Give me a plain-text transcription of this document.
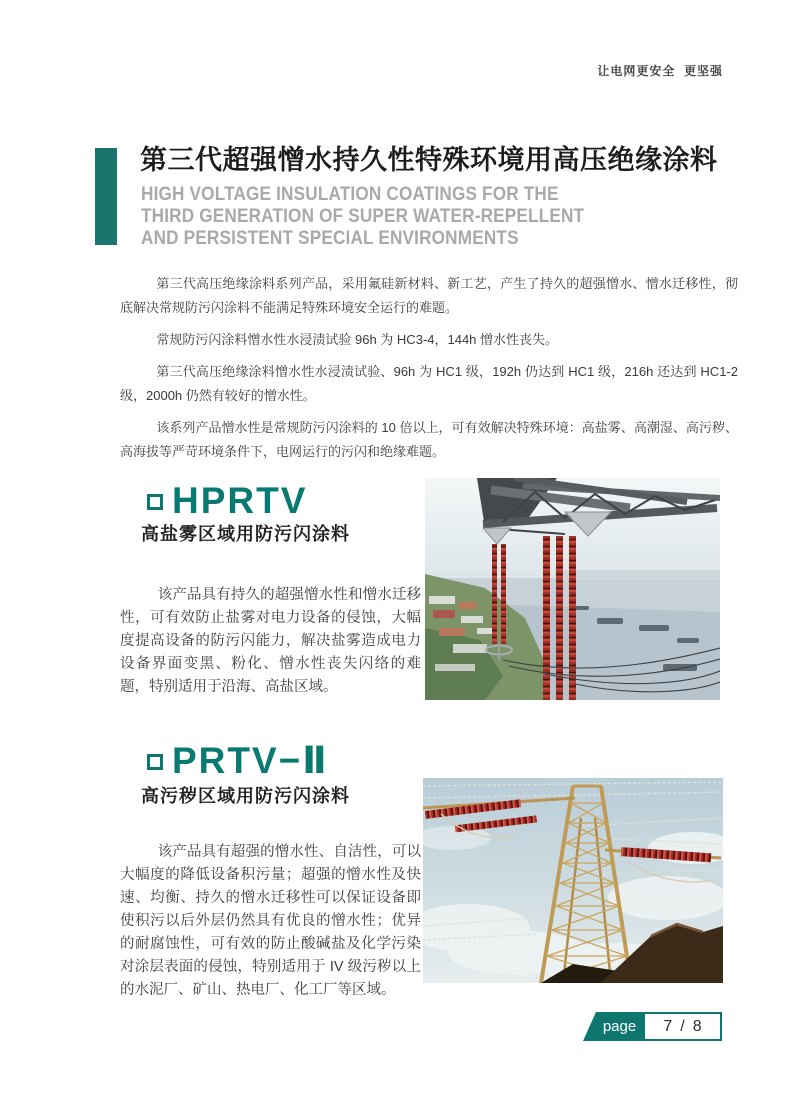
让电网更安全  更坚强
第三代超强憎水持久性特殊环境用高压绝缘涂料
HIGH VOLTAGE INSULATION COATINGS FOR THE
THIRD GENERATION OF SUPER WATER-REPELLENT
AND PERSISTENT SPECIAL ENVIRONMENTS

第三代高压绝缘涂料系列产品，采用氟硅新材料、新工艺，产生了持久的超强憎水、憎水迁移性，彻底解决常规防污闪涂料不能满足特殊环境安全运行的难题。

常规防污闪涂料憎水性水浸渍试验 96h 为 HC3-4，144h 憎水性丧失。

第三代高压绝缘涂料憎水性水浸渍试验、96h 为 HC1 级，192h 仍达到 HC1 级，216h 还达到 HC1-2 级，2000h 仍然有较好的憎水性。

该系列产品憎水性是常规防污闪涂料的 10 倍以上，可有效解决特殊环境：高盐雾、高潮湿、高污秽、高海拔等严苛环境条件下，电网运行的污闪和绝缘难题。

HPRTV
高盐雾区域用防污闪涂料

该产品具有持久的超强憎水性和憎水迁移性，可有效防止盐雾对电力设备的侵蚀，大幅度提高设备的防污闪能力，解决盐雾造成电力设备界面变黑、粉化、憎水性丧失闪络的难题，特别适用于沿海、高盐区域。

PRTV−Ⅱ
高污秽区域用防污闪涂料

该产品具有超强的憎水性、自洁性，可以大幅度的降低设备积污量；超强的憎水性及快速、均衡、持久的憎水迁移性可以保证设备即使积污以后外层仍然具有优良的憎水性；优异的耐腐蚀性，可有效的防止酸碱盐及化学污染对涂层表面的侵蚀，特别适用于 IV 级污秽以上的水泥厂、矿山、热电厂、化工厂等区域。

page	7 / 8
